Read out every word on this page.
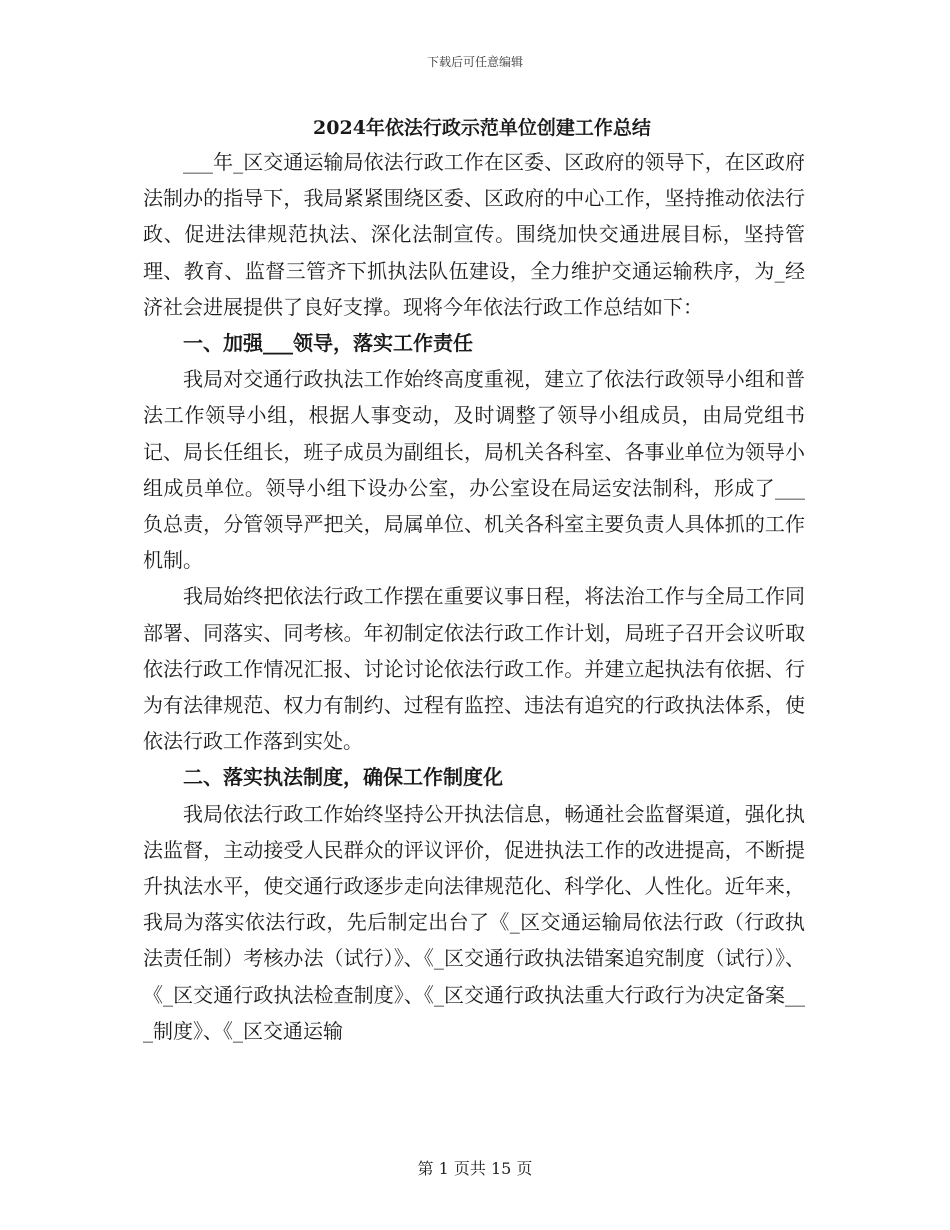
下载后可任意编辑
2024年依法行政示范单位创建工作总结

___年_区交通运输局依法行政工作在区委、区政府的领导下，在区政府法制办的指导下，我局紧紧围绕区委、区政府的中心工作，坚持推动依法行政、促进法律规范执法、深化法制宣传。围绕加快交通进展目标，坚持管理、教育、监督三管齐下抓执法队伍建设，全力维护交通运输秩序，为_经济社会进展提供了良好支撑。现将今年依法行政工作总结如下：

一、加强___领导，落实工作责任

我局对交通行政执法工作始终高度重视，建立了依法行政领导小组和普法工作领导小组，根据人事变动，及时调整了领导小组成员，由局党组书记、局长任组长，班子成员为副组长，局机关各科室、各事业单位为领导小组成员单位。领导小组下设办公室，办公室设在局运安法制科，形成了___负总责，分管领导严把关，局属单位、机关各科室主要负责人具体抓的工作机制。

我局始终把依法行政工作摆在重要议事日程，将法治工作与全局工作同部署、同落实、同考核。年初制定依法行政工作计划，局班子召开会议听取依法行政工作情况汇报、讨论讨论依法行政工作。并建立起执法有依据、行为有法律规范、权力有制约、过程有监控、违法有追究的行政执法体系，使依法行政工作落到实处。

二、落实执法制度，确保工作制度化

我局依法行政工作始终坚持公开执法信息，畅通社会监督渠道，强化执法监督，主动接受人民群众的评议评价，促进执法工作的改进提高，不断提升执法水平，使交通行政逐步走向法律规范化、科学化、人性化。近年来，我局为落实依法行政，先后制定出台了《_区交通运输局依法行政（行政执法责任制）考核办法（试行）》、《_区交通行政执法错案追究制度（试行）》、《_区交通行政执法检查制度》、《_区交通行政执法重大行政行为决定备案___制度》、《_区交通运输

第 1 页共 15 页
